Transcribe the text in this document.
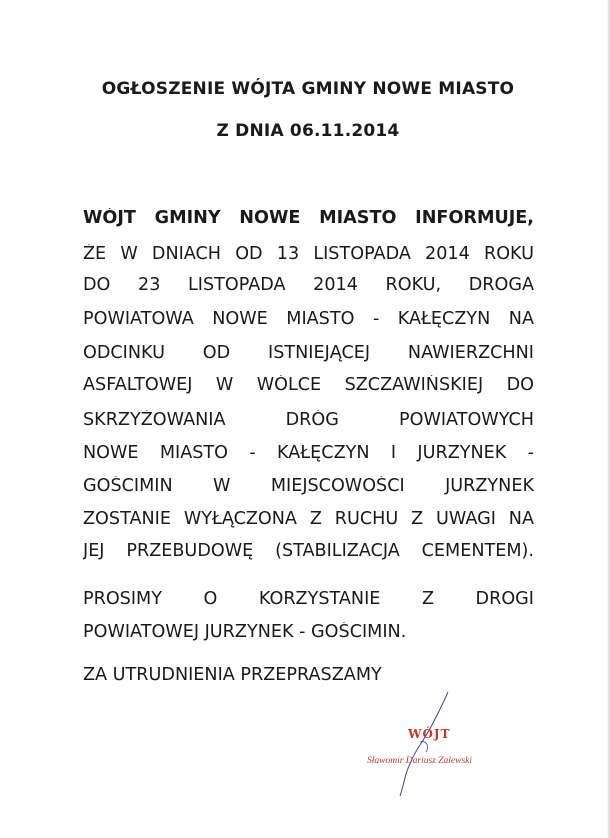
OGŁOSZENIE WÓJTA GMINY NOWE MIASTO
Z DNIA 06.11.2014
WÓJT GMINY NOWE MIASTO INFORMUJE,
ŻE W DNIACH OD 13 LISTOPADA 2014 ROKU
DO 23 LISTOPADA 2014 ROKU, DROGA
POWIATOWA NOWE MIASTO - KAŁĘCZYN NA
ODCINKU OD ISTNIEJĄCEJ NAWIERZCHNI
ASFALTOWEJ W WÓLCE SZCZAWIŃSKIEJ DO
SKRZYŻOWANIA DRÓG POWIATOWYCH
NOWE MIASTO - KAŁĘCZYN I JURZYNEK -
GOŚCIMIN W MIEJSCOWOŚCI JURZYNEK
ZOSTANIE WYŁĄCZONA Z RUCHU Z UWAGI NA
JEJ PRZEBUDOWĘ (STABILIZACJA CEMENTEM).
PROSIMY O KORZYSTANIE Z DROGI
POWIATOWEJ JURZYNEK - GOŚCIMIN.
ZA UTRUDNIENIA PRZEPRASZAMY
WÓJT
Sławomir Dariusz Zalewski
